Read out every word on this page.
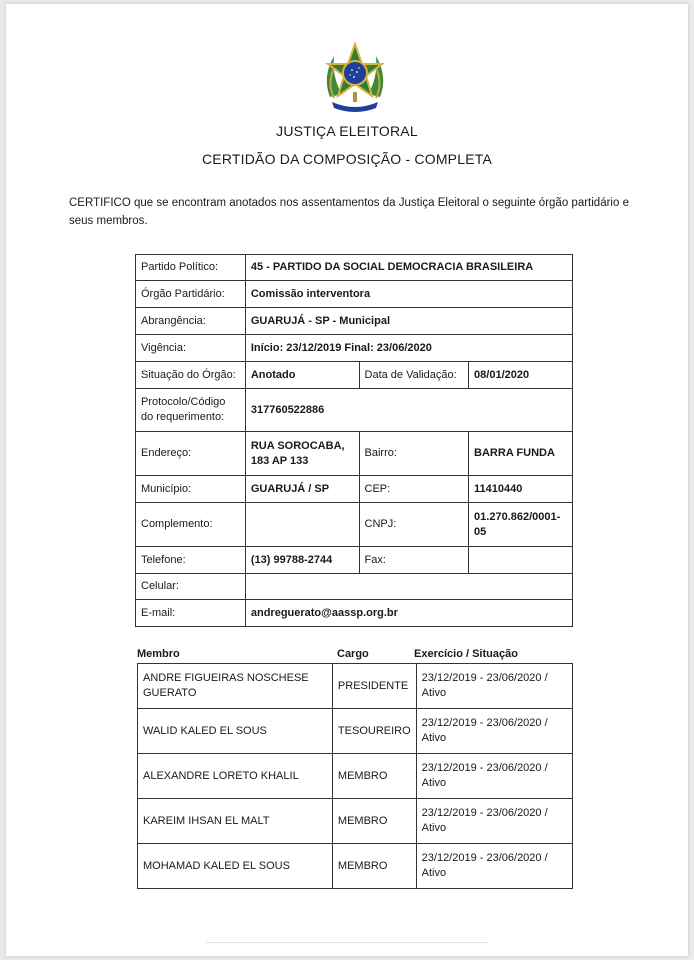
JUSTIÇA ELEITORAL
CERTIDÃO DA COMPOSIÇÃO - COMPLETA
CERTIFICO que se encontram anotados nos assentamentos da Justiça Eleitoral o seguinte órgão partidário e seus membros.
Partido Político:	45 - PARTIDO DA SOCIAL DEMOCRACIA BRASILEIRA		
Órgão Partidário:	Comissão interventora		
Abrangência:	GUARUJÁ - SP - Municipal		
Vigência:	Início: 23/12/2019 Final: 23/06/2020		
Situação do Órgão:	Anotado	Data de Validação:	08/01/2020
Protocolo/Código do requerimento:	317760522886		
Endereço:	RUA SOROCABA, 183 AP 133	Bairro:	BARRA FUNDA
Município:	GUARUJÁ / SP	CEP:	11410440
Complemento:		CNPJ:	01.270.862/0001-05
Telefone:	(13) 99788-2744	Fax:	
Celular:			
E-mail:	andreguerato@aassp.org.br		
Membro	Cargo	Exercício / Situação
ANDRE FIGUEIRAS NOSCHESE GUERATO	PRESIDENTE	23/12/2019 - 23/06/2020 / Ativo
WALID KALED EL SOUS	TESOUREIRO	23/12/2019 - 23/06/2020 / Ativo
ALEXANDRE LORETO KHALIL	MEMBRO	23/12/2019 - 23/06/2020 / Ativo
KAREIM IHSAN EL MALT	MEMBRO	23/12/2019 - 23/06/2020 / Ativo
MOHAMAD KALED EL SOUS	MEMBRO	23/12/2019 - 23/06/2020 / Ativo
